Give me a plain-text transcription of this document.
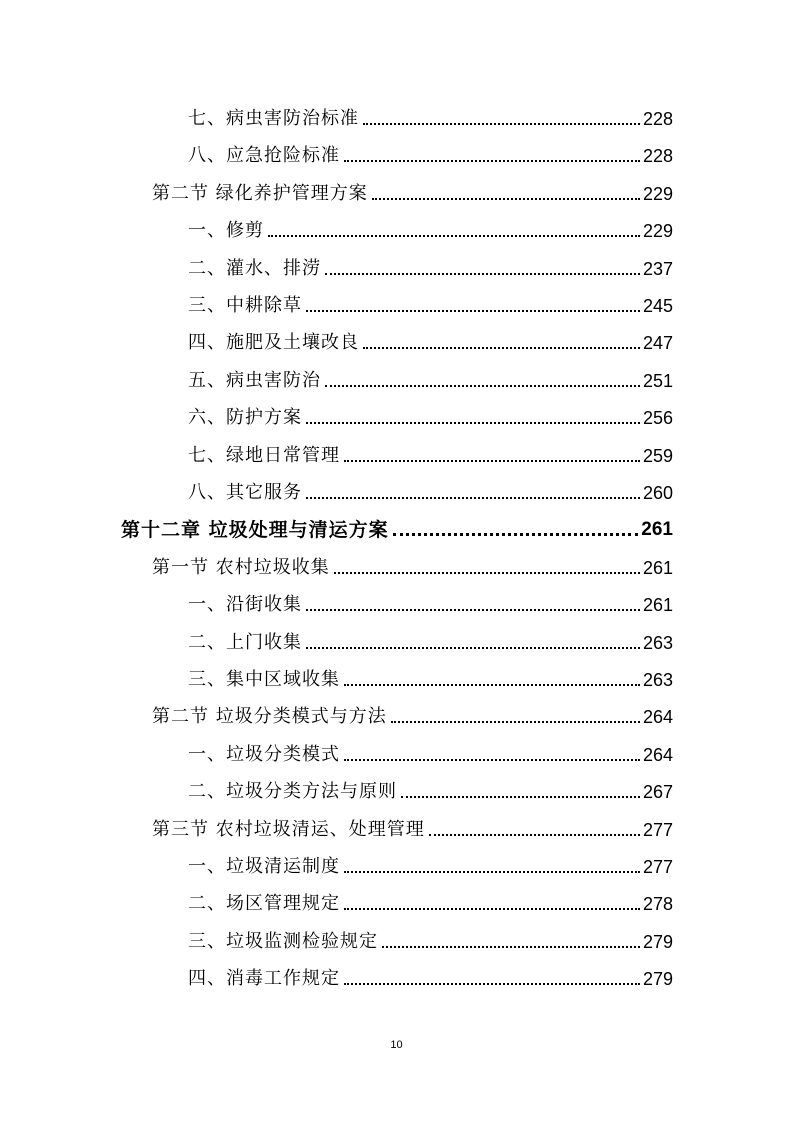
七、病虫害防治标准	228
八、应急抢险标准	228
第二节 绿化养护管理方案	229
一、修剪	229
二、灌水、排涝	237
三、中耕除草	245
四、施肥及土壤改良	247
五、病虫害防治	251
六、防护方案	256
七、绿地日常管理	259
八、其它服务	260
第十二章 垃圾处理与清运方案	261
第一节 农村垃圾收集	261
一、沿街收集	261
二、上门收集	263
三、集中区域收集	263
第二节 垃圾分类模式与方法	264
一、垃圾分类模式	264
二、垃圾分类方法与原则	267
第三节 农村垃圾清运、处理管理	277
一、垃圾清运制度	277
二、场区管理规定	278
三、垃圾监测检验规定	279
四、消毒工作规定	279
10
